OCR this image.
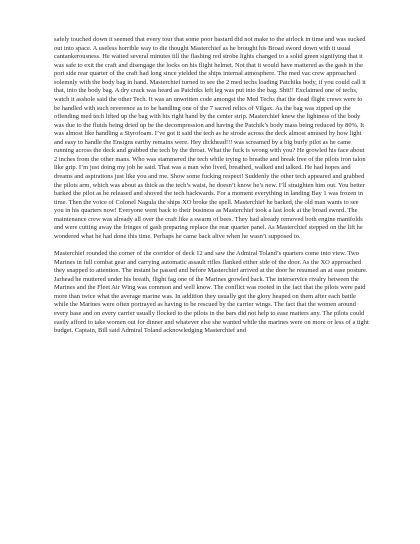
safely touched down it seemed that every tour that some poor bastard did not make to the airlock in time and was sucked out into space. A useless horrible way to die thought Masterchief as he brought his Broad sword down with it usual cantankerousness. He waited several minutes till the flashing red strobe lights changed to a solid green signifying that it was safe to exit the craft and disengage the locks on his flight helmet. Not that it would have mattered as the gash in the port side rear quarter of the craft had long since yielded the ships internal atmosphere. The med vac crew approached solemnly with the body bag in hand. Masterchief turned to see the 2 med techs loading Patchiks body, if you could call it that, into the body bag. A dry crack was heard as Patchiks left leg was put into the bag. Shit!! Exclaimed one of techs, watch it asshole said the other Tech. It was an unwritten code amongst the Med Techs that the dead flight crews were to be handled with such reverence as to be handling one of the 7 sacred relics of Vilgax. As the bag was zipped up the offending med tech lifted up the bag with his right hand by the center strip. Masterchief knew the lightness of the body was due to the fluids being dried up be the decompression and having the Patchik’s body mass being reduced by 80%. It was almost like handling a Styrofoam. I’ve got it said the tech as he strode across the deck almost amused by how light and easy to handle the Ensigns earthy remains were. Hey dickhead!!! was screamed by a big burly pilot as he came running across the deck and grabbed the tech by the throat. What the fuck is wrong with you? He growled his face about 2 inches from the other mans. Who was stammered the tech while trying to breathe and break free of the pilots iron talon like grip. I’m just doing my job he said. That was a man who lived, breathed, walked and talked. He had hopes and dreams and aspirations just like you and me. Show some fucking respect! Suddenly the other tech appeared and grabbed the pilots arm, which was about as thick as the tech’s waist, he doesn’t know he’s new. I’ll straighten him out. You better barked the pilot as he released and shoved the tech backwards. For a moment everything in landing Bay 1 was frozen in time. Then the voice of Colonel Nagula the ships XO broke the spell. Masterchief he barked, the old man wants to see you in his quarters now! Everyone went back to their business as Masterchief took a last look at the broad sword. The maintenance crew was already all over the craft like a swarm of bees. They had already removed both engine manifolds and were cutting away the fringes of gash preparing replace the rear quarter panel. As Masterchief stepped on the lift he wondered what he had done this time. Perhaps he came back alive when he wasn’t supposed to.

Masterchief rounded the corner of the corridor of deck 12 and saw the Admiral Toland’s quarters come into view. Two Marines in full combat gear and carrying automatic assault rifles flanked either side of the door. As the XO approached they snapped to attention. The instant he passed and before Masterchief arrived at the door he resumed an at ease posture. Jarhead he muttered under his breath, flight fag one of the Marines growled back. The interservice rivalry between the Marines and the Fleet Air Wing was common and well know. The conflict was rooted in the fact that the pilots were paid more than twice what the average marine was. In addition they usually got the glory heaped on them after each battle while the Marines were often portrayed as having to be rescued by the carrier wings. The fact that the women around every base and on every carrier usually flocked to the pilots in the bars did not help to ease matters any. The pilots could easily afford to take women out for dinner and whatever else she wanted while the marines were on more or less of a tight budget. Captain, Bill said Admiral Toland acknowledging Masterchief and
